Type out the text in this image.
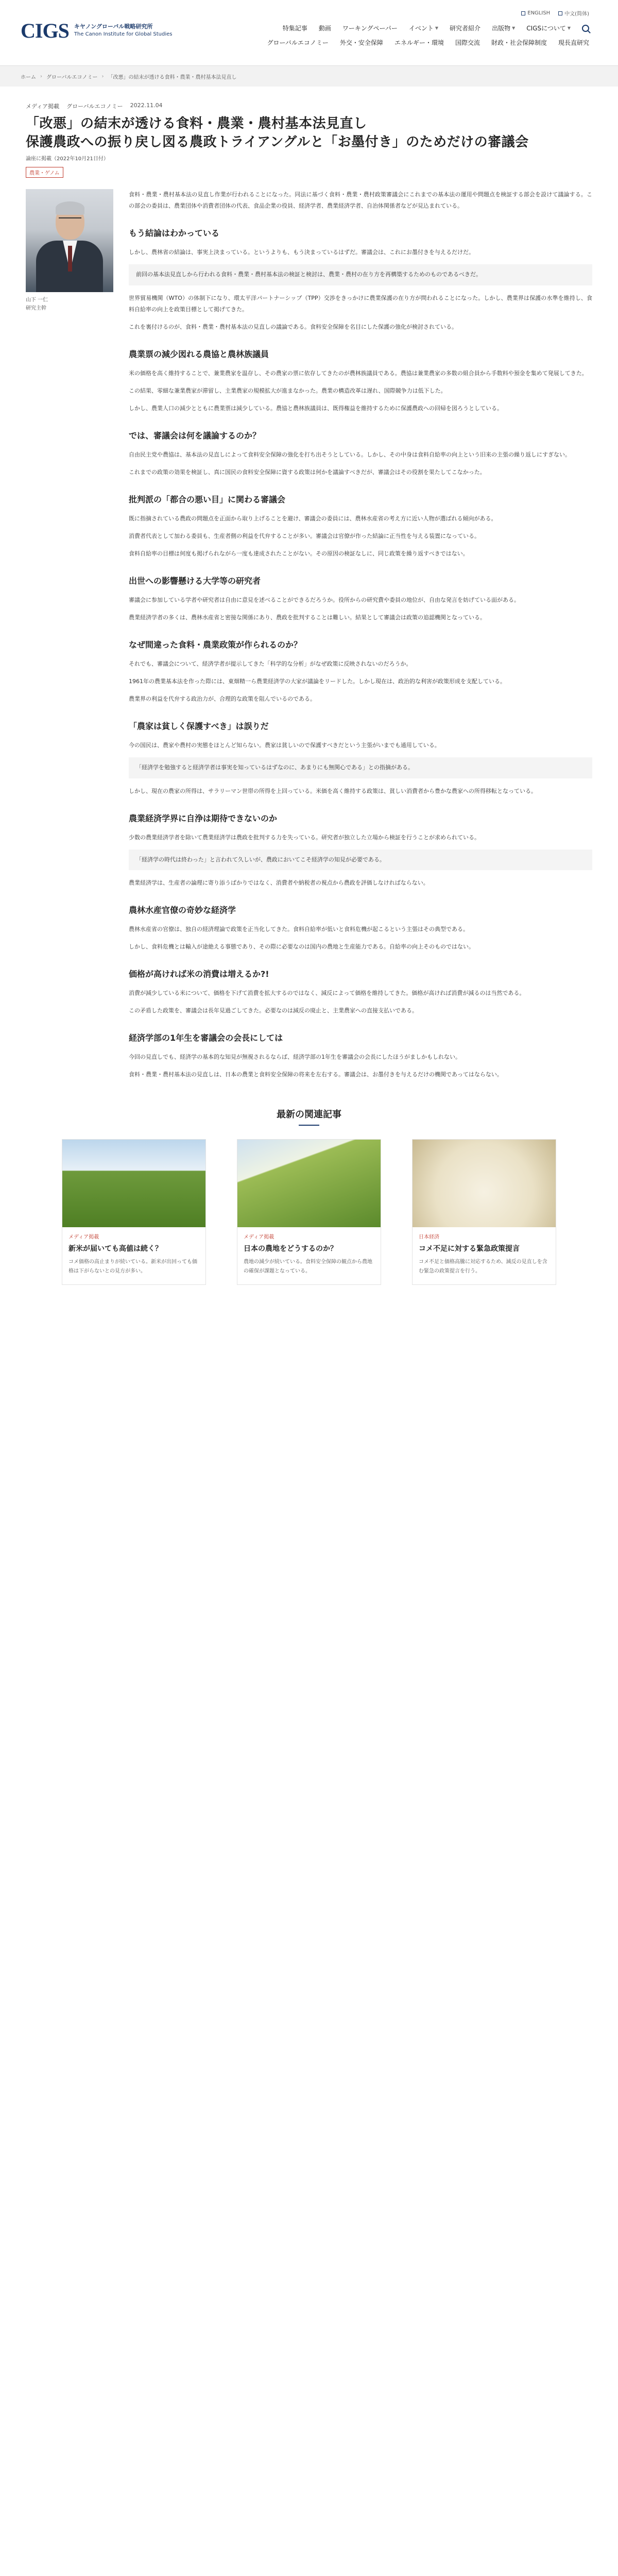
CIGS キヤノングローバル戦略研究所
The Canon Institute for Global Studies
ENGLISH	中文(简体)
特集記事 動画 ワーキングペーパー イベント ▼ 研究者紹介 出版物 ▼ CIGSについて ▼
グローバルエコノミー 外交・安全保障 エネルギー・環境 国際交流 財政・社会保障制度 現長直研究
ホーム › グローバルエコノミー › 「改悪」の結末が透ける食料・農業・農村基本法見直し
メディア掲載 グローバルエコノミー 2022.11.04
「改悪」の結末が透ける食料・農業・農村基本法見直し
保護農政への振り戻し図る農政トライアングルと「お墨付き」のためだけの審議会
論座に掲載（2022年10月21日付）
農業・ゲノム
山下 一仁
研究主幹

食料・農業・農村基本法の見直し作業が行われることになった。同法に基づく食料・農業・農村政策審議会にこれまでの基本法の運用や問題点を検証する部会を設けて議論する。この部会の委員は、農業団体や消費者団体の代表、食品企業の役員、経済学者、農業経済学者、自治体関係者などが見込まれている。

もう結論はわかっている

しかし、農林省の結論は、事実上決まっている。というよりも、もう決まっているはずだ。審議会は、これにお墨付きを与えるだけだ。

前回の基本法見直しから行われる食料・農業・農村基本法の検証と検討は、農業・農村の在り方を再構築するためのものであるべきだ。

世界貿易機関（WTO）の体制下になり、環太平洋パートナーシップ（TPP）交渉をきっかけに農業保護の在り方が問われることになった。しかし、農業界は保護の水準を維持し、食料自給率の向上を政策目標として掲げてきた。

これを裏付けるのが、食料・農業・農村基本法の見直しの議論である。食料安全保障を名目にした保護の強化が検討されている。

農業票の減少図れる農協と農林族議員

米の価格を高く維持することで、兼業農家を温存し、その農家の票に依存してきたのが農林族議員である。農協は兼業農家の多数の組合員から手数料や預金を集めて発展してきた。

この結果、零細な兼業農家が滞留し、主業農家の規模拡大が進まなかった。農業の構造改革は遅れ、国際競争力は低下した。

しかし、農業人口の減少とともに農業票は減少している。農協と農林族議員は、既得権益を維持するために保護農政への回帰を図ろうとしている。

では、審議会は何を議論するのか？

自由民主党や農協は、基本法の見直しによって食料安全保障の強化を打ち出そうとしている。しかし、その中身は食料自給率の向上という旧来の主張の繰り返しにすぎない。

これまでの政策の効果を検証し、真に国民の食料安全保障に資する政策は何かを議論すべきだが、審議会はその役割を果たしてこなかった。

批判派の「都合の悪い目」に関わる審議会

既に指摘されている農政の問題点を正面から取り上げることを避け、審議会の委員には、農林水産省の考え方に近い人物が選ばれる傾向がある。

消費者代表として加わる委員も、生産者側の利益を代弁することが多い。審議会は官僚が作った結論に正当性を与える装置になっている。

食料自給率の目標は何度も掲げられながら一度も達成されたことがない。その原因の検証なしに、同じ政策を繰り返すべきではない。

出世への影響懸ける大学等の研究者

審議会に参加している学者や研究者は自由に意見を述べることができるだろうか。役所からの研究費や委員の地位が、自由な発言を妨げている面がある。

農業経済学者の多くは、農林水産省と密接な関係にあり、農政を批判することは難しい。結果として審議会は政策の追認機関となっている。

なぜ間違った食料・農業政策が作られるのか？

それでも、審議会について、経済学者が提示してきた「科学的な分析」がなぜ政策に反映されないのだろうか。

1961年の農業基本法を作った際には、東畑精一ら農業経済学の大家が議論をリードした。しかし現在は、政治的な利害が政策形成を支配している。

農業界の利益を代弁する政治力が、合理的な政策を阻んでいるのである。

「農家は貧しく保護すべき」は誤りだ

今の国民は、農家や農村の実態をほとんど知らない。農家は貧しいので保護すべきだという主張がいまでも通用している。

「経済学を勉強すると経済学者は事実を知っているはずなのに、あまりにも無関心である」との指摘がある。

しかし、現在の農家の所得は、サラリーマン世帯の所得を上回っている。米価を高く維持する政策は、貧しい消費者から豊かな農家への所得移転となっている。

農業経済学界に自浄は期待できないのか

少数の農業経済学者を除いて農業経済学は農政を批判する力を失っている。研究者が独立した立場から検証を行うことが求められている。

「経済学の時代は終わった」と言われて久しいが、農政においてこそ経済学の知見が必要である。

農業経済学は、生産者の論理に寄り添うばかりではなく、消費者や納税者の視点から農政を評価しなければならない。

農林水産官僚の奇妙な経済学

農林水産省の官僚は、独自の経済理論で政策を正当化してきた。食料自給率が低いと食料危機が起こるという主張はその典型である。

しかし、食料危機とは輸入が途絶える事態であり、その際に必要なのは国内の農地と生産能力である。自給率の向上そのものではない。

価格が高ければ米の消費は増えるか?!

消費が減少している米について、価格を下げて消費を拡大するのではなく、減反によって価格を維持してきた。価格が高ければ消費が減るのは当然である。

この矛盾した政策を、審議会は長年見過ごしてきた。必要なのは減反の廃止と、主業農家への直接支払いである。

経済学部の1年生を審議会の会長にしては

今回の見直しでも、経済学の基本的な知見が無視されるならば、経済学部の1年生を審議会の会長にしたほうがましかもしれない。

食料・農業・農村基本法の見直しは、日本の農業と食料安全保障の将来を左右する。審議会は、お墨付きを与えるだけの機関であってはならない。

最新の関連記事
メディア掲載
新米が届いても高値は続く？
コメ価格の高止まりが続いている。新米が出回っても価格は下がらないとの見方が多い。
メディア掲載
日本の農地をどうするのか？
農地の減少が続いている。食料安全保障の観点から農地の確保が課題となっている。
日本経済
コメ不足に対する緊急政策提言
コメ不足と価格高騰に対応するため、減反の見直しを含む緊急の政策提言を行う。
